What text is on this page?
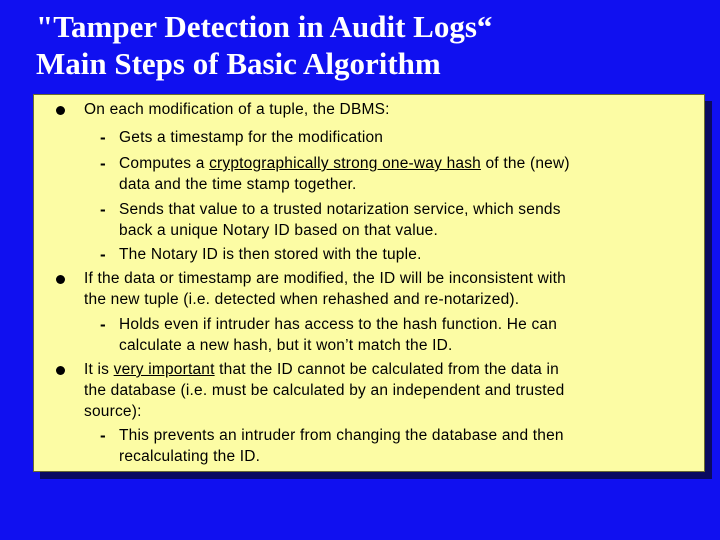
"Tamper Detection in Audit Logs“
Main Steps of Basic Algorithm
On each modification of a tuple, the DBMS:
- Gets a timestamp for the modification
- Computes a cryptographically strong one-way hash of the (new)
data and the time stamp together.
- Sends that value to a trusted notarization service, which sends
back a unique Notary ID based on that value.
- The Notary ID is then stored with the tuple.
If the data or timestamp are modified, the ID will be inconsistent with
the new tuple (i.e. detected when rehashed and re-notarized).
- Holds even if intruder has access to the hash function. He can
calculate a new hash, but it won’t match the ID.
It is very important that the ID cannot be calculated from the data in
the database (i.e. must be calculated by an independent and trusted
source):
- This prevents an intruder from changing the database and then
recalculating the ID.
